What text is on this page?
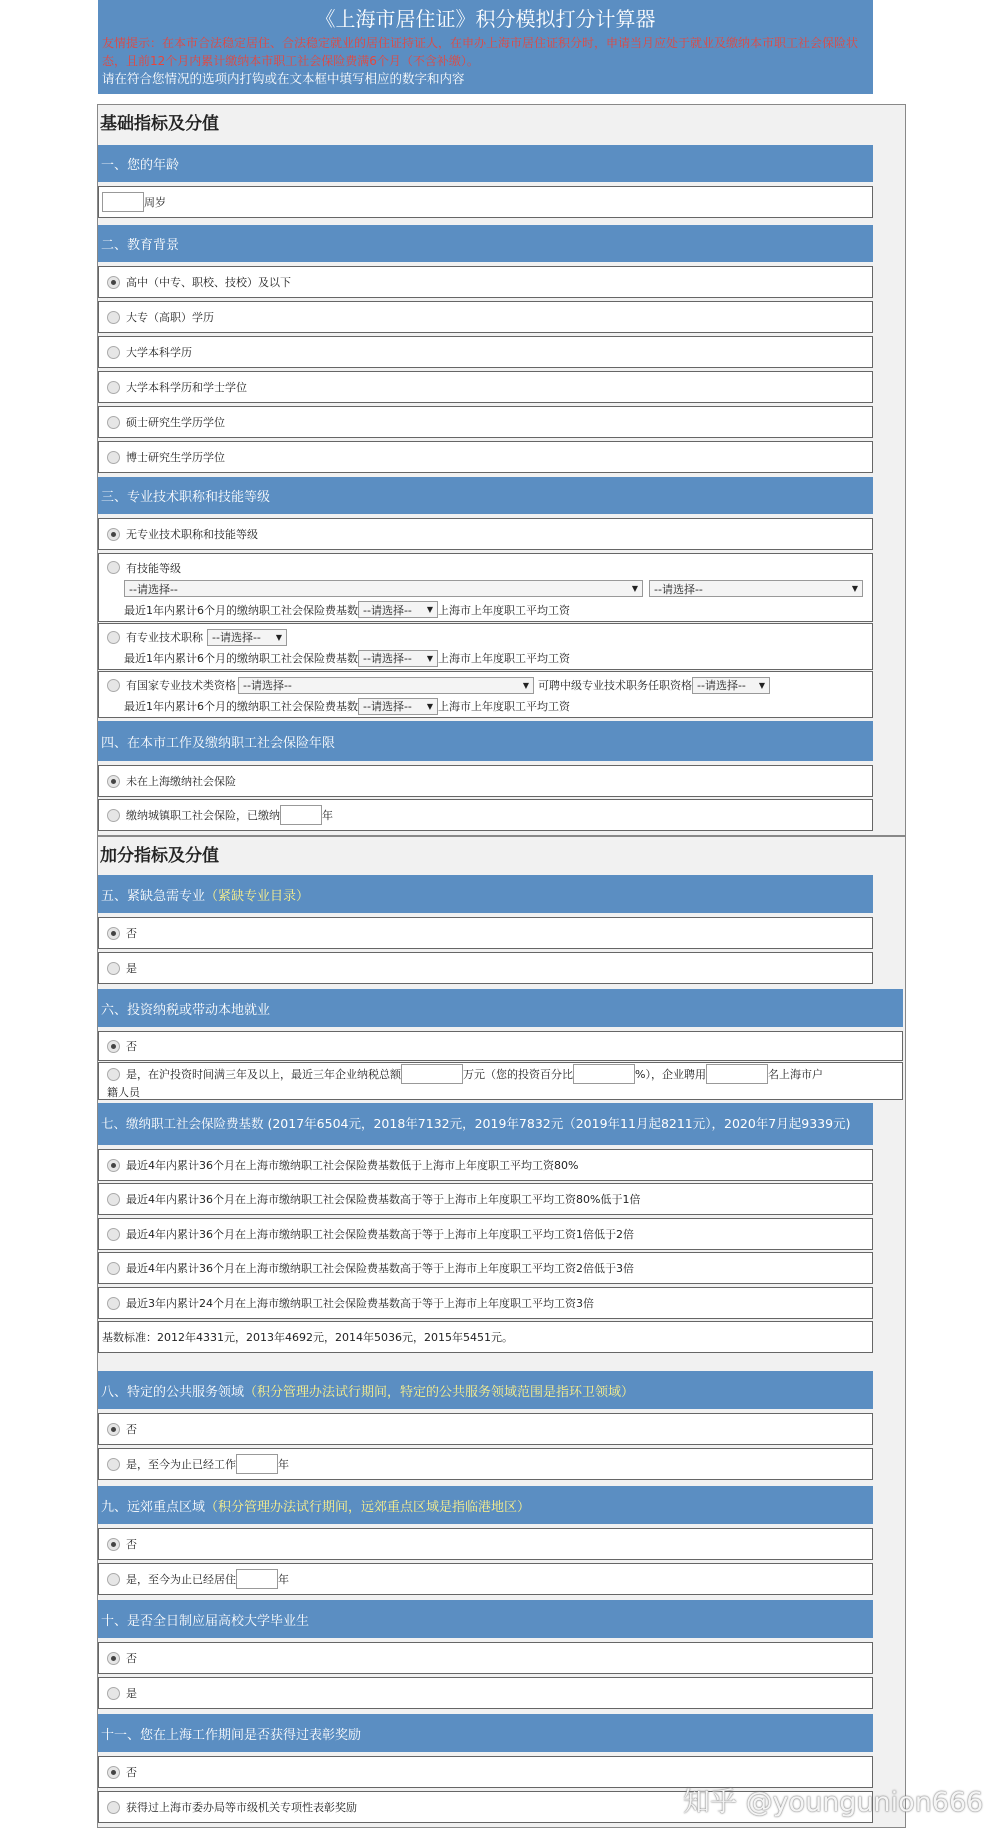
《上海市居住证》积分模拟打分计算器
友情提示：在本市合法稳定居住、合法稳定就业的居住证持证人，在申办上海市居住证积分时，申请当月应处于就业及缴纳本市职工社会保险状态，且前12个月内累计缴纳本市职工社会保险费满6个月（不含补缴）。
请在符合您情况的选项内打钩或在文本框中填写相应的数字和内容
基础指标及分值
一、您的年龄
周岁
二、教育背景
高中（中专、职校、技校）及以下
大专（高职）学历
大学本科学历
大学本科学历和学士学位
硕士研究生学历学位
博士研究生学历学位
三、专业技术职称和技能等级
无专业技术职称和技能等级
有技能等级
--请选择--	▼ --请选择--	▼
最近1年内累计6个月的缴纳职工社会保险费基数 --请选择-- ▼ 上海市上年度职工平均工资
有专业技术职称 --请选择-- ▼
最近1年内累计6个月的缴纳职工社会保险费基数 --请选择-- ▼ 上海市上年度职工平均工资
有国家专业技术类资格 --请选择--	▼ 可聘中级专业技术职务任职资格 --请选择-- ▼
最近1年内累计6个月的缴纳职工社会保险费基数 --请选择-- ▼ 上海市上年度职工平均工资
四、在本市工作及缴纳职工社会保险年限
未在上海缴纳社会保险
缴纳城镇职工社会保险，已缴纳	年
加分指标及分值
五、紧缺急需专业 （紧缺专业目录）
否
是
六、投资纳税或带动本地就业
否
是，在沪投资时间满三年及以上，最近三年企业纳税总额	万元（您的投资百分比	%），企业聘用	名上海市户
籍人员
七、缴纳职工社会保险费基数 (2017年6504元，2018年7132元，2019年7832元（2019年11月起8211元），2020年7月起9339元)
最近4年内累计36个月在上海市缴纳职工社会保险费基数低于上海市上年度职工平均工资80%
最近4年内累计36个月在上海市缴纳职工社会保险费基数高于等于上海市上年度职工平均工资80%低于1倍
最近4年内累计36个月在上海市缴纳职工社会保险费基数高于等于上海市上年度职工平均工资1倍低于2倍
最近4年内累计36个月在上海市缴纳职工社会保险费基数高于等于上海市上年度职工平均工资2倍低于3倍
最近3年内累计24个月在上海市缴纳职工社会保险费基数高于等于上海市上年度职工平均工资3倍
基数标准：2012年4331元，2013年4692元，2014年5036元，2015年5451元。
八、特定的公共服务领域 （积分管理办法试行期间，特定的公共服务领域范围是指环卫领域）
否
是，至今为止已经工作	年
九、远郊重点区域 （积分管理办法试行期间，远郊重点区域是指临港地区）
否
是，至今为止已经居住	年
十、是否全日制应届高校大学毕业生
否
是
十一、您在上海工作期间是否获得过表彰奖励
否
获得过上海市委办局等市级机关专项性表彰奖励	知乎 @youngunion666
